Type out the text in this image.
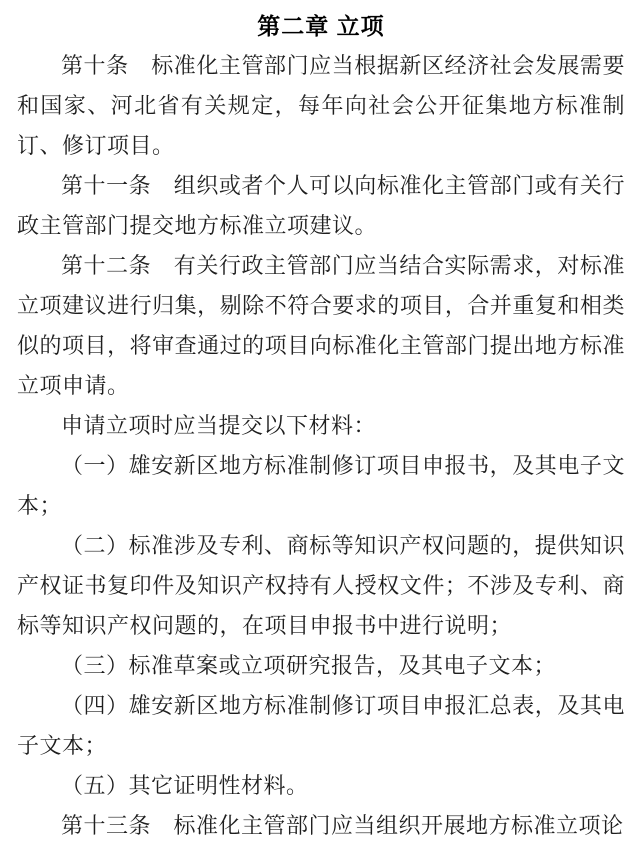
第二章 立项

第十条　标准化主管部门应当根据新区经济社会发展需要和国家、河北省有关规定，每年向社会公开征集地方标准制订、修订项目。

第十一条　组织或者个人可以向标准化主管部门或有关行政主管部门提交地方标准立项建议。

第十二条　有关行政主管部门应当结合实际需求，对标准立项建议进行归集，剔除不符合要求的项目，合并重复和相类似的项目，将审查通过的项目向标准化主管部门提出地方标准立项申请。

申请立项时应当提交以下材料：

（一）雄安新区地方标准制修订项目申报书，及其电子文本；

（二）标准涉及专利、商标等知识产权问题的，提供知识产权证书复印件及知识产权持有人授权文件；不涉及专利、商标等知识产权问题的，在项目申报书中进行说明；

（三）标准草案或立项研究报告，及其电子文本；

（四）雄安新区地方标准制修订项目申报汇总表，及其电子文本；

（五）其它证明性材料。

第十三条　标准化主管部门应当组织开展地方标准立项论
